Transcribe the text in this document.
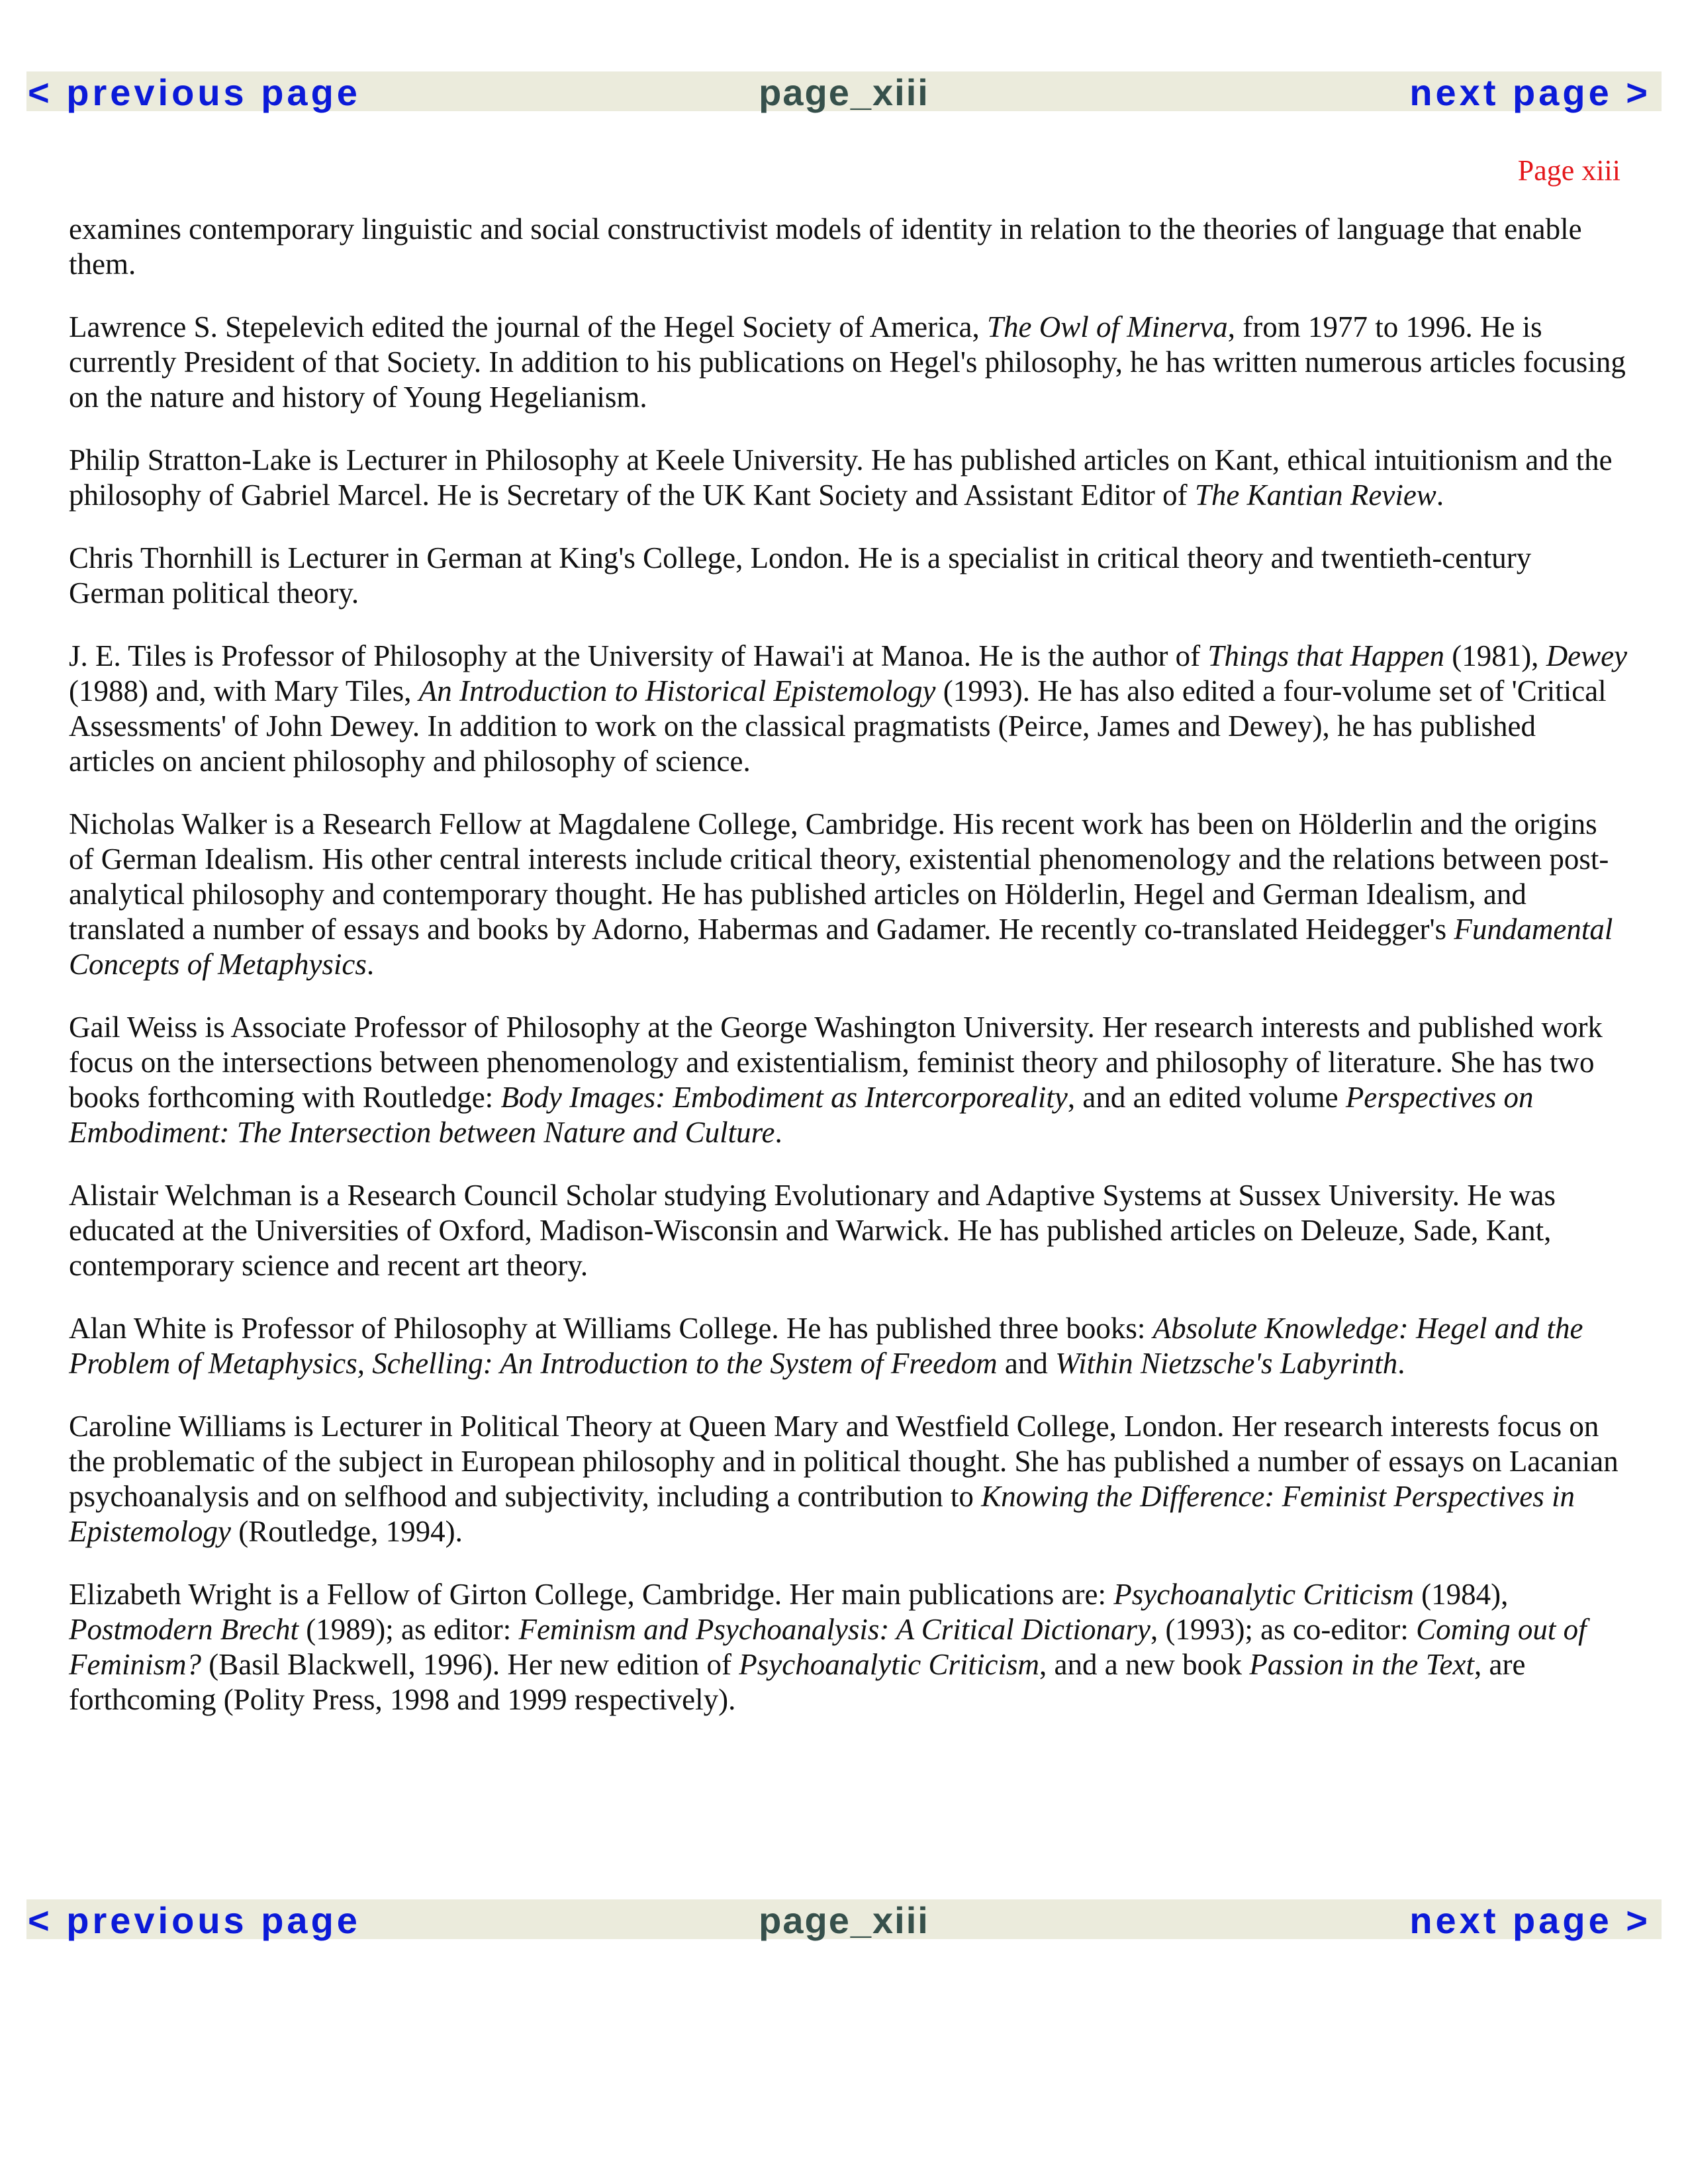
< previous page	page_xiii	next page >
Page xiii

examines contemporary linguistic and social constructivist models of identity in relation to the theories of language that enable them.

Lawrence S. Stepelevich edited the journal of the Hegel Society of America, The Owl of Minerva, from 1977 to 1996. He is currently President of that Society. In addition to his publications on Hegel's philosophy, he has written numerous articles focusing on the nature and history of Young Hegelianism.

Philip Stratton-Lake is Lecturer in Philosophy at Keele University. He has published articles on Kant, ethical intuitionism and the philosophy of Gabriel Marcel. He is Secretary of the UK Kant Society and Assistant Editor of The Kantian Review.

Chris Thornhill is Lecturer in German at King's College, London. He is a specialist in critical theory and twentieth-century German political theory.

J. E. Tiles is Professor of Philosophy at the University of Hawai'i at Manoa. He is the author of Things that Happen (1981), Dewey (1988) and, with Mary Tiles, An Introduction to Historical Epistemology (1993). He has also edited a four-volume set of 'Critical Assessments' of John Dewey. In addition to work on the classical pragmatists (Peirce, James and Dewey), he has published articles on ancient philosophy and philosophy of science.

Nicholas Walker is a Research Fellow at Magdalene College, Cambridge. His recent work has been on Hölderlin and the origins of German Idealism. His other central interests include critical theory, existential phenomenology and the relations between post-analytical philosophy and contemporary thought. He has published articles on Hölderlin, Hegel and German Idealism, and translated a number of essays and books by Adorno, Habermas and Gadamer. He recently co-translated Heidegger's Fundamental Concepts of Metaphysics.

Gail Weiss is Associate Professor of Philosophy at the George Washington University. Her research interests and published work focus on the intersections between phenomenology and existentialism, feminist theory and philosophy of literature. She has two books forthcoming with Routledge: Body Images: Embodiment as Intercorporeality, and an edited volume Perspectives on Embodiment: The Intersection between Nature and Culture.

Alistair Welchman is a Research Council Scholar studying Evolutionary and Adaptive Systems at Sussex University. He was educated at the Universities of Oxford, Madison-Wisconsin and Warwick. He has published articles on Deleuze, Sade, Kant, contemporary science and recent art theory.

Alan White is Professor of Philosophy at Williams College. He has published three books: Absolute Knowledge: Hegel and the Problem of Metaphysics, Schelling: An Introduction to the System of Freedom and Within Nietzsche's Labyrinth.

Caroline Williams is Lecturer in Political Theory at Queen Mary and Westfield College, London. Her research interests focus on the problematic of the subject in European philosophy and in political thought. She has published a number of essays on Lacanian psychoanalysis and on selfhood and subjectivity, including a contribution to Knowing the Difference: Feminist Perspectives in Epistemology (Routledge, 1994).

Elizabeth Wright is a Fellow of Girton College, Cambridge. Her main publications are: Psychoanalytic Criticism (1984), Postmodern Brecht (1989); as editor: Feminism and Psychoanalysis: A Critical Dictionary, (1993); as co-editor: Coming out of Feminism? (Basil Blackwell, 1996). Her new edition of Psychoanalytic Criticism, and a new book Passion in the Text, are forthcoming (Polity Press, 1998 and 1999 respectively).

< previous page	page_xiii	next page >
